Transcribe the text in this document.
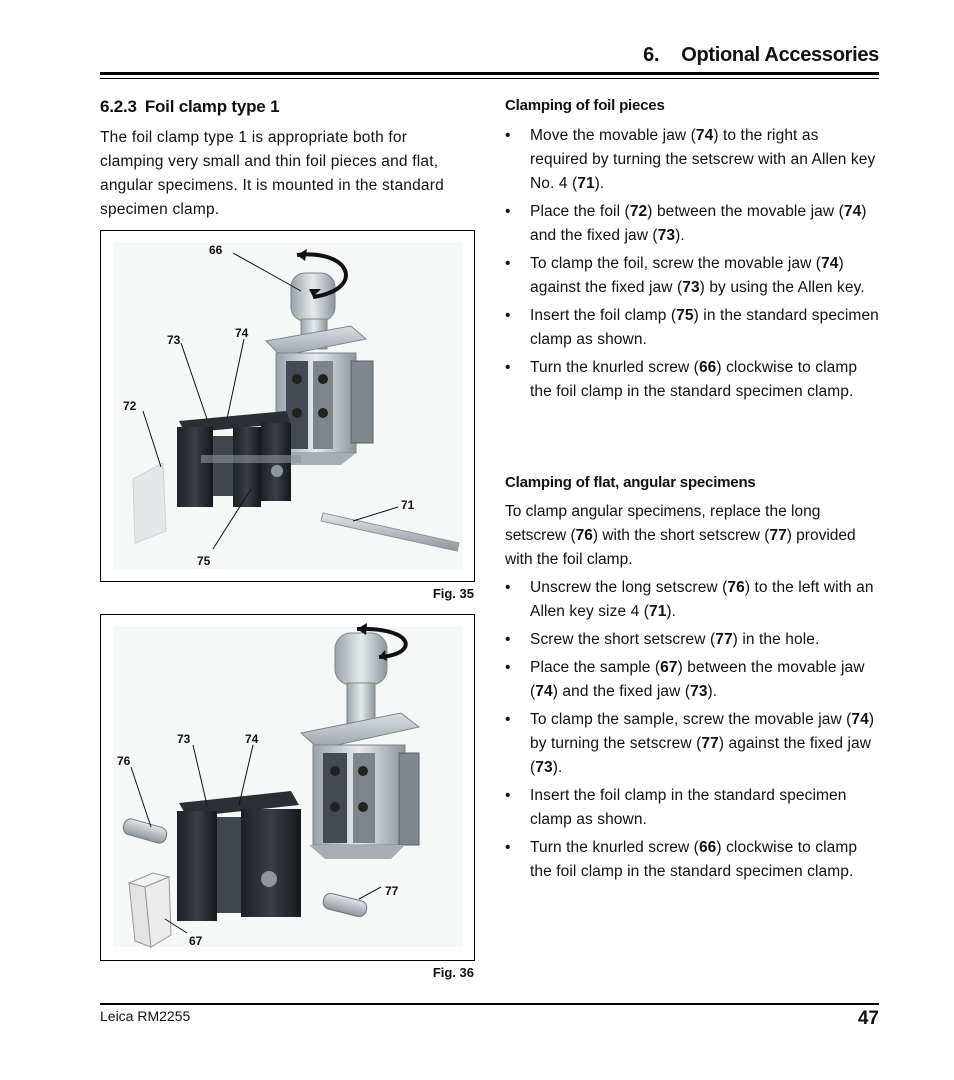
6. Optional Accessories
6.2.3 Foil clamp type 1
The foil clamp type 1 is appropriate both for clamping very small and thin foil pieces and flat, angular specimens. It is mounted in the standard specimen clamp.
66
73	74
72
71
75
Fig. 35
73	74
76
77
67
Fig. 36
Clamping of foil pieces
• Move the movable jaw (74) to the right as required by turning the setscrew with an Allen key No. 4 (71).
• Place the foil (72) between the movable jaw (74) and the fixed jaw (73).
• To clamp the foil, screw the movable jaw (74) against the fixed jaw (73) by using the Allen key.
• Insert the foil clamp (75) in the standard specimen clamp as shown.
• Turn the knurled screw (66) clockwise to clamp the foil clamp in the standard specimen clamp.
Clamping of flat, angular specimens
To clamp angular specimens, replace the long setscrew (76) with the short setscrew (77) provided with the foil clamp.
• Unscrew the long setscrew (76) to the left with an Allen key size 4 (71).
• Screw the short setscrew (77) in the hole.
• Place the sample (67) between the movable jaw (74) and the fixed jaw (73).
• To clamp the sample, screw the movable jaw (74) by turning the setscrew (77) against the fixed jaw (73).
• Insert the foil clamp in the standard specimen clamp as shown.
• Turn the knurled screw (66) clockwise to clamp the foil clamp in the standard specimen clamp.
Leica RM2255	47
